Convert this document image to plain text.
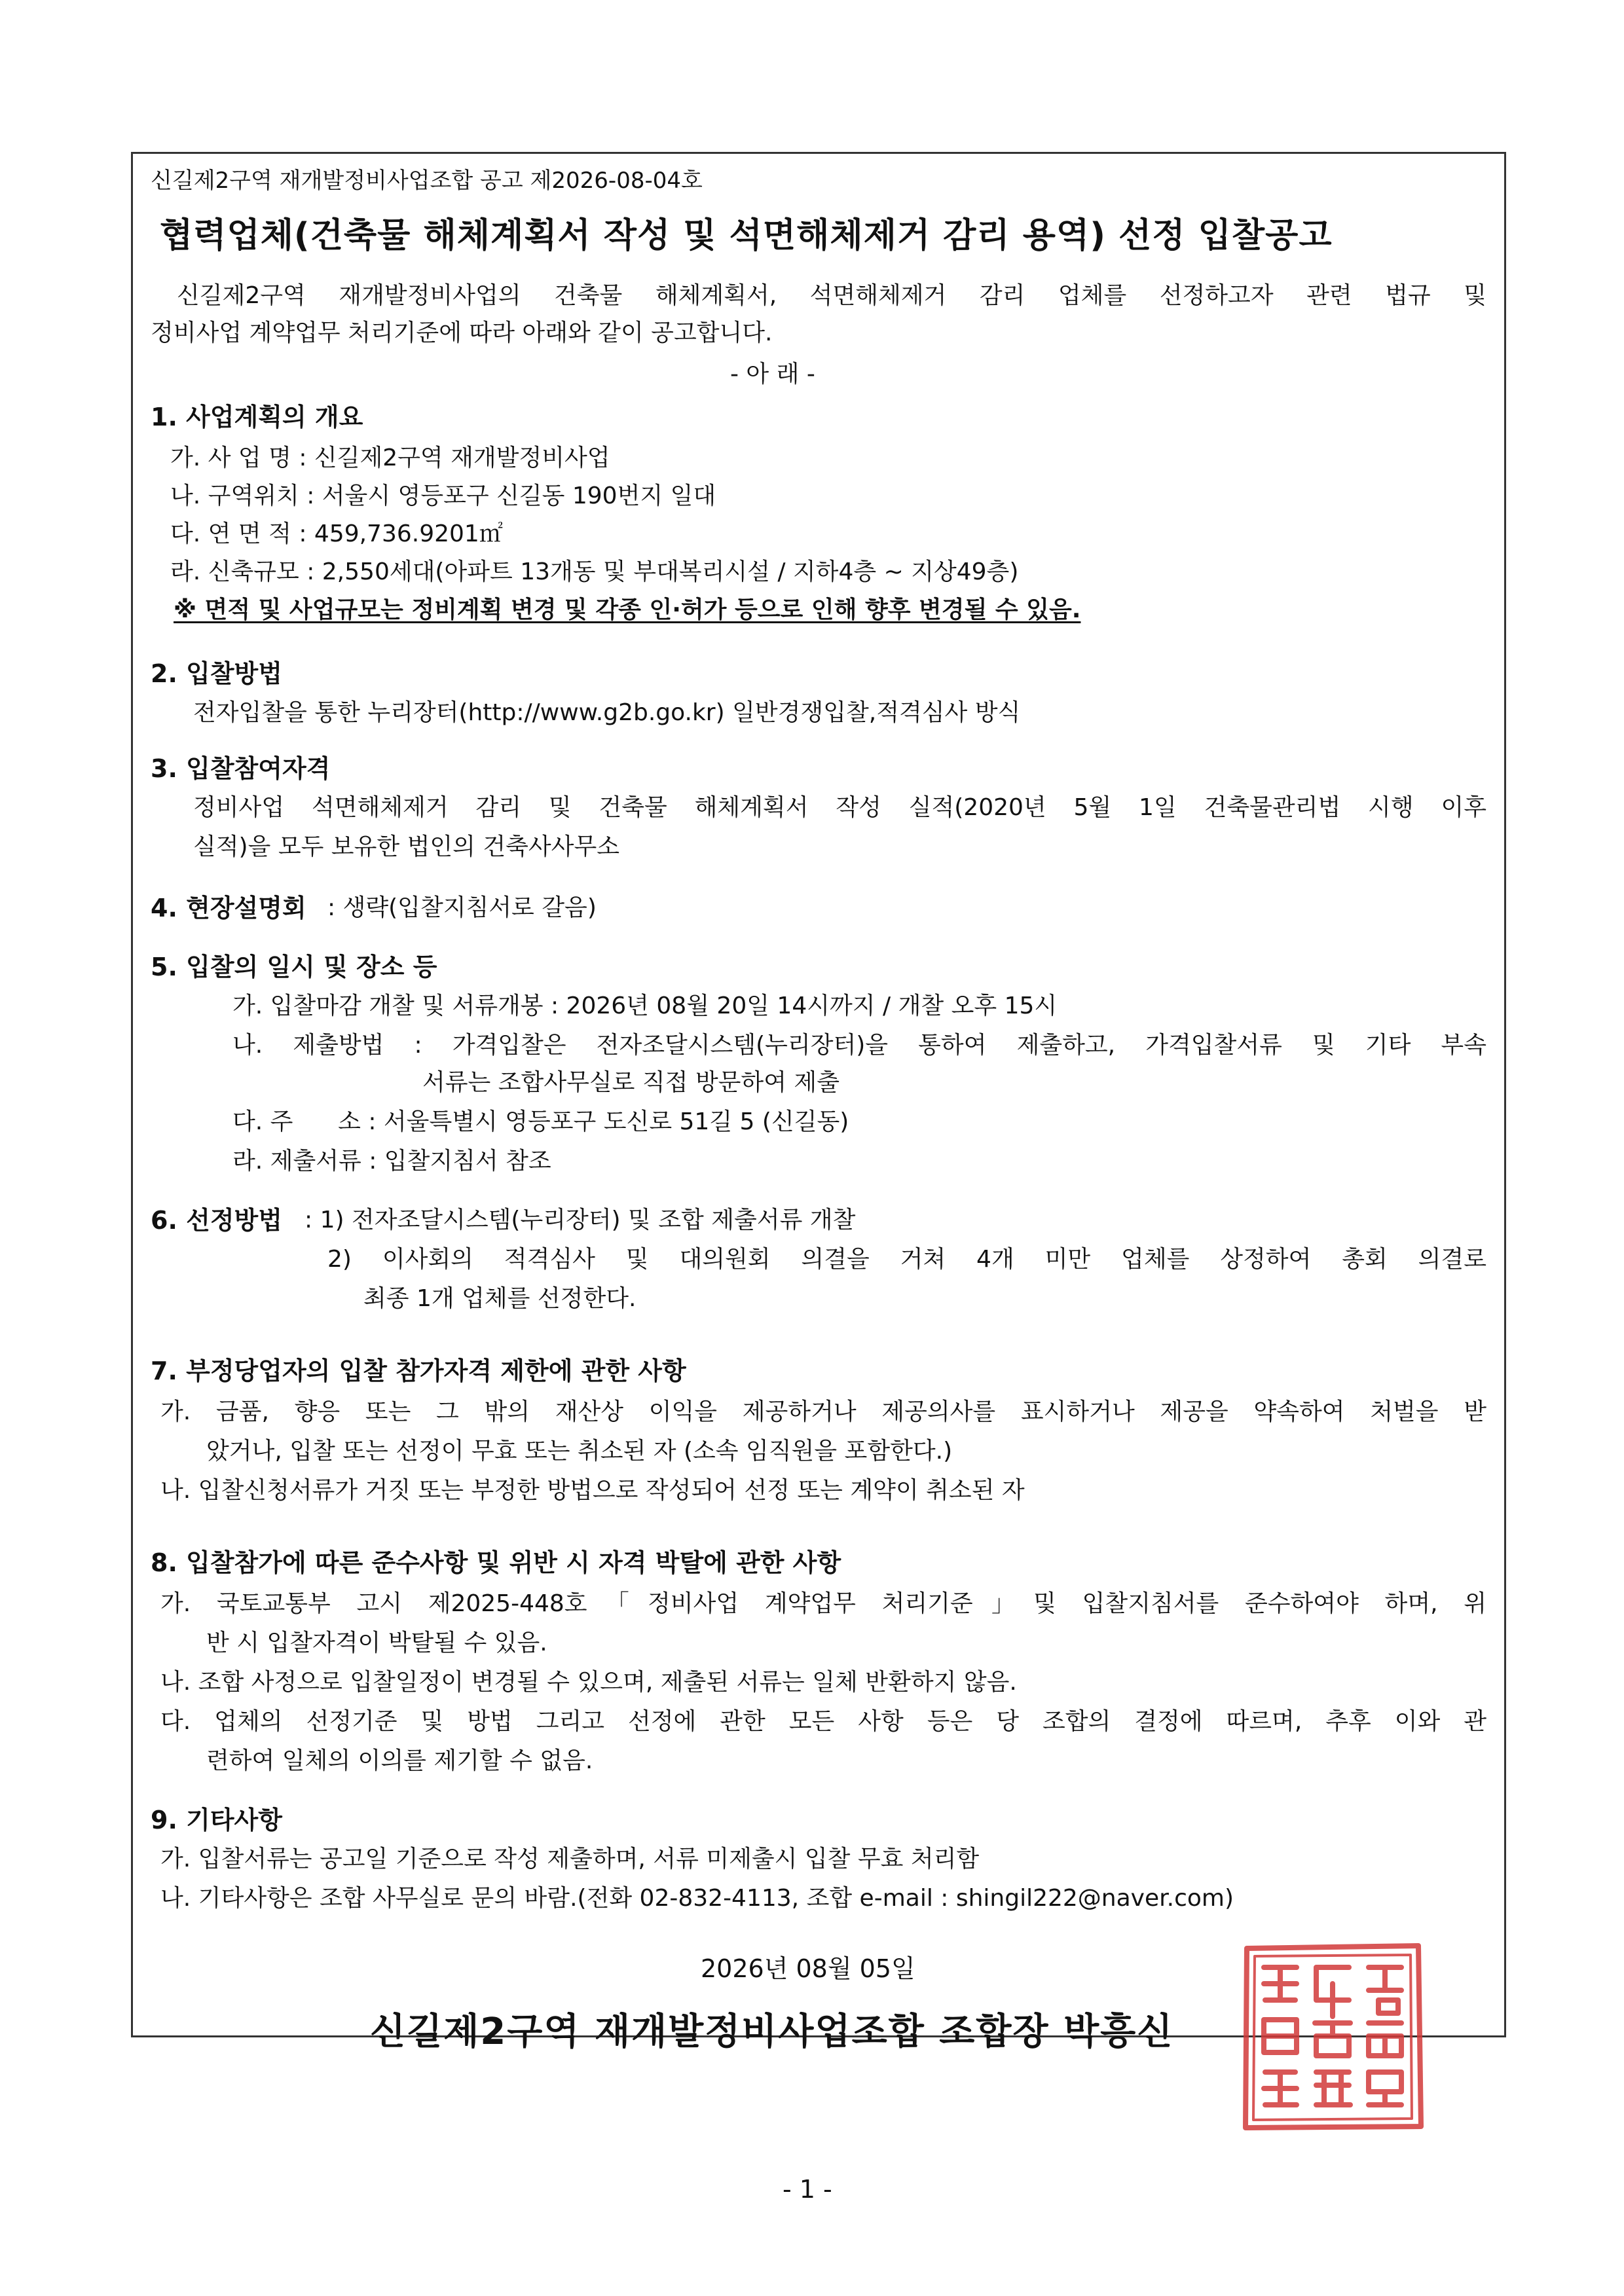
신길제2구역 재개발정비사업조합 공고 제2026-08-04호
협력업체(건축물 해체계획서 작성 및 석면해체제거 감리 용역) 선정 입찰공고
신길제2구역 재개발정비사업의 건축물 해체계획서, 석면해체제거 감리 업체를 선정하고자 관련 법규 및
정비사업 계약업무 처리기준에 따라 아래와 같이 공고합니다.
- 아 래 -
1. 사업계획의 개요
가. 사 업 명 : 신길제2구역 재개발정비사업
나. 구역위치 : 서울시 영등포구 신길동 190번지 일대
다. 연 면 적 : 459,736.9201㎡
라. 신축규모 : 2,550세대(아파트 13개동 및 부대복리시설 / 지하4층 ~ 지상49층)
※ 면적 및 사업규모는 정비계획 변경 및 각종 인·허가 등으로 인해 향후 변경될 수 있음.
2. 입찰방법
전자입찰을 통한 누리장터(http://www.g2b.go.kr) 일반경쟁입찰,적격심사 방식
3. 입찰참여자격
정비사업 석면해체제거 감리 및 건축물 해체계획서 작성 실적(2020년 5월 1일 건축물관리법 시행 이후
실적)을 모두 보유한 법인의 건축사사무소
4. 현장설명회 : 생략(입찰지침서로 갈음)
5. 입찰의 일시 및 장소 등
가. 입찰마감 개찰 및 서류개봉 : 2026년 08월 20일 14시까지 / 개찰 오후 15시
나. 제출방법 : 가격입찰은 전자조달시스템(누리장터)을 통하여 제출하고, 가격입찰서류 및 기타 부속
서류는 조합사무실로 직접 방문하여 제출
다. 주      소 : 서울특별시 영등포구 도신로 51길 5 (신길동)
라. 제출서류 : 입찰지침서 참조
6. 선정방법 : 1) 전자조달시스템(누리장터) 및 조합 제출서류 개찰
2) 이사회의 적격심사 및 대의원회 의결을 거쳐 4개 미만 업체를 상정하여 총회 의결로
최종 1개 업체를 선정한다.
7. 부정당업자의 입찰 참가자격 제한에 관한 사항
가. 금품, 향응 또는 그 밖의 재산상 이익을 제공하거나 제공의사를 표시하거나 제공을 약속하여 처벌을 받
았거나, 입찰 또는 선정이 무효 또는 취소된 자 (소속 임직원을 포함한다.)
나. 입찰신청서류가 거짓 또는 부정한 방법으로 작성되어 선정 또는 계약이 취소된 자
8. 입찰참가에 따른 준수사항 및 위반 시 자격 박탈에 관한 사항
가. 국토교통부 고시 제2025-448호「정비사업 계약업무 처리기준」및 입찰지침서를 준수하여야 하며, 위
반 시 입찰자격이 박탈될 수 있음.
나. 조합 사정으로 입찰일정이 변경될 수 있으며, 제출된 서류는 일체 반환하지 않음.
다. 업체의 선정기준 및 방법 그리고 선정에 관한 모든 사항 등은 당 조합의 결정에 따르며, 추후 이와 관
련하여 일체의 이의를 제기할 수 없음.
9. 기타사항
가. 입찰서류는 공고일 기준으로 작성 제출하며, 서류 미제출시 입찰 무효 처리함
나. 기타사항은 조합 사무실로 문의 바람.(전화 02-832-4113, 조합 e-mail : shingil222@naver.com)
2026년 08월 05일
신길제2구역 재개발정비사업조합 조합장 박흥신
- 1 -
